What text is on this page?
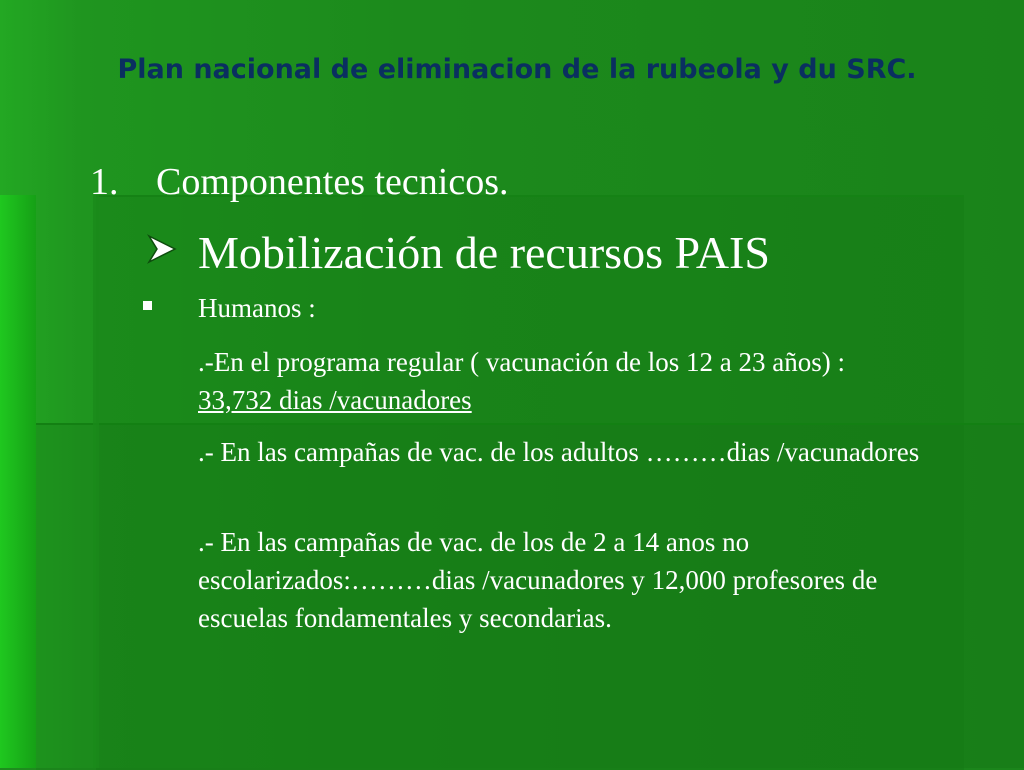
Plan nacional de eliminacion de la rubeola y du SRC.
1. Componentes tecnicos.
Mobilización de recursos PAIS
Humanos :
.-En el programa regular ( vacunación de los 12 a 23 años) :33,732 dias /vacunadores
.- En las campañas de vac. de los adultos ………dias /vacunadores
.- En las campañas de vac. de los de 2 a 14 anos no escolarizados:………dias /vacunadores y 12,000 profesores de escuelas fondamentales y secondarias.
